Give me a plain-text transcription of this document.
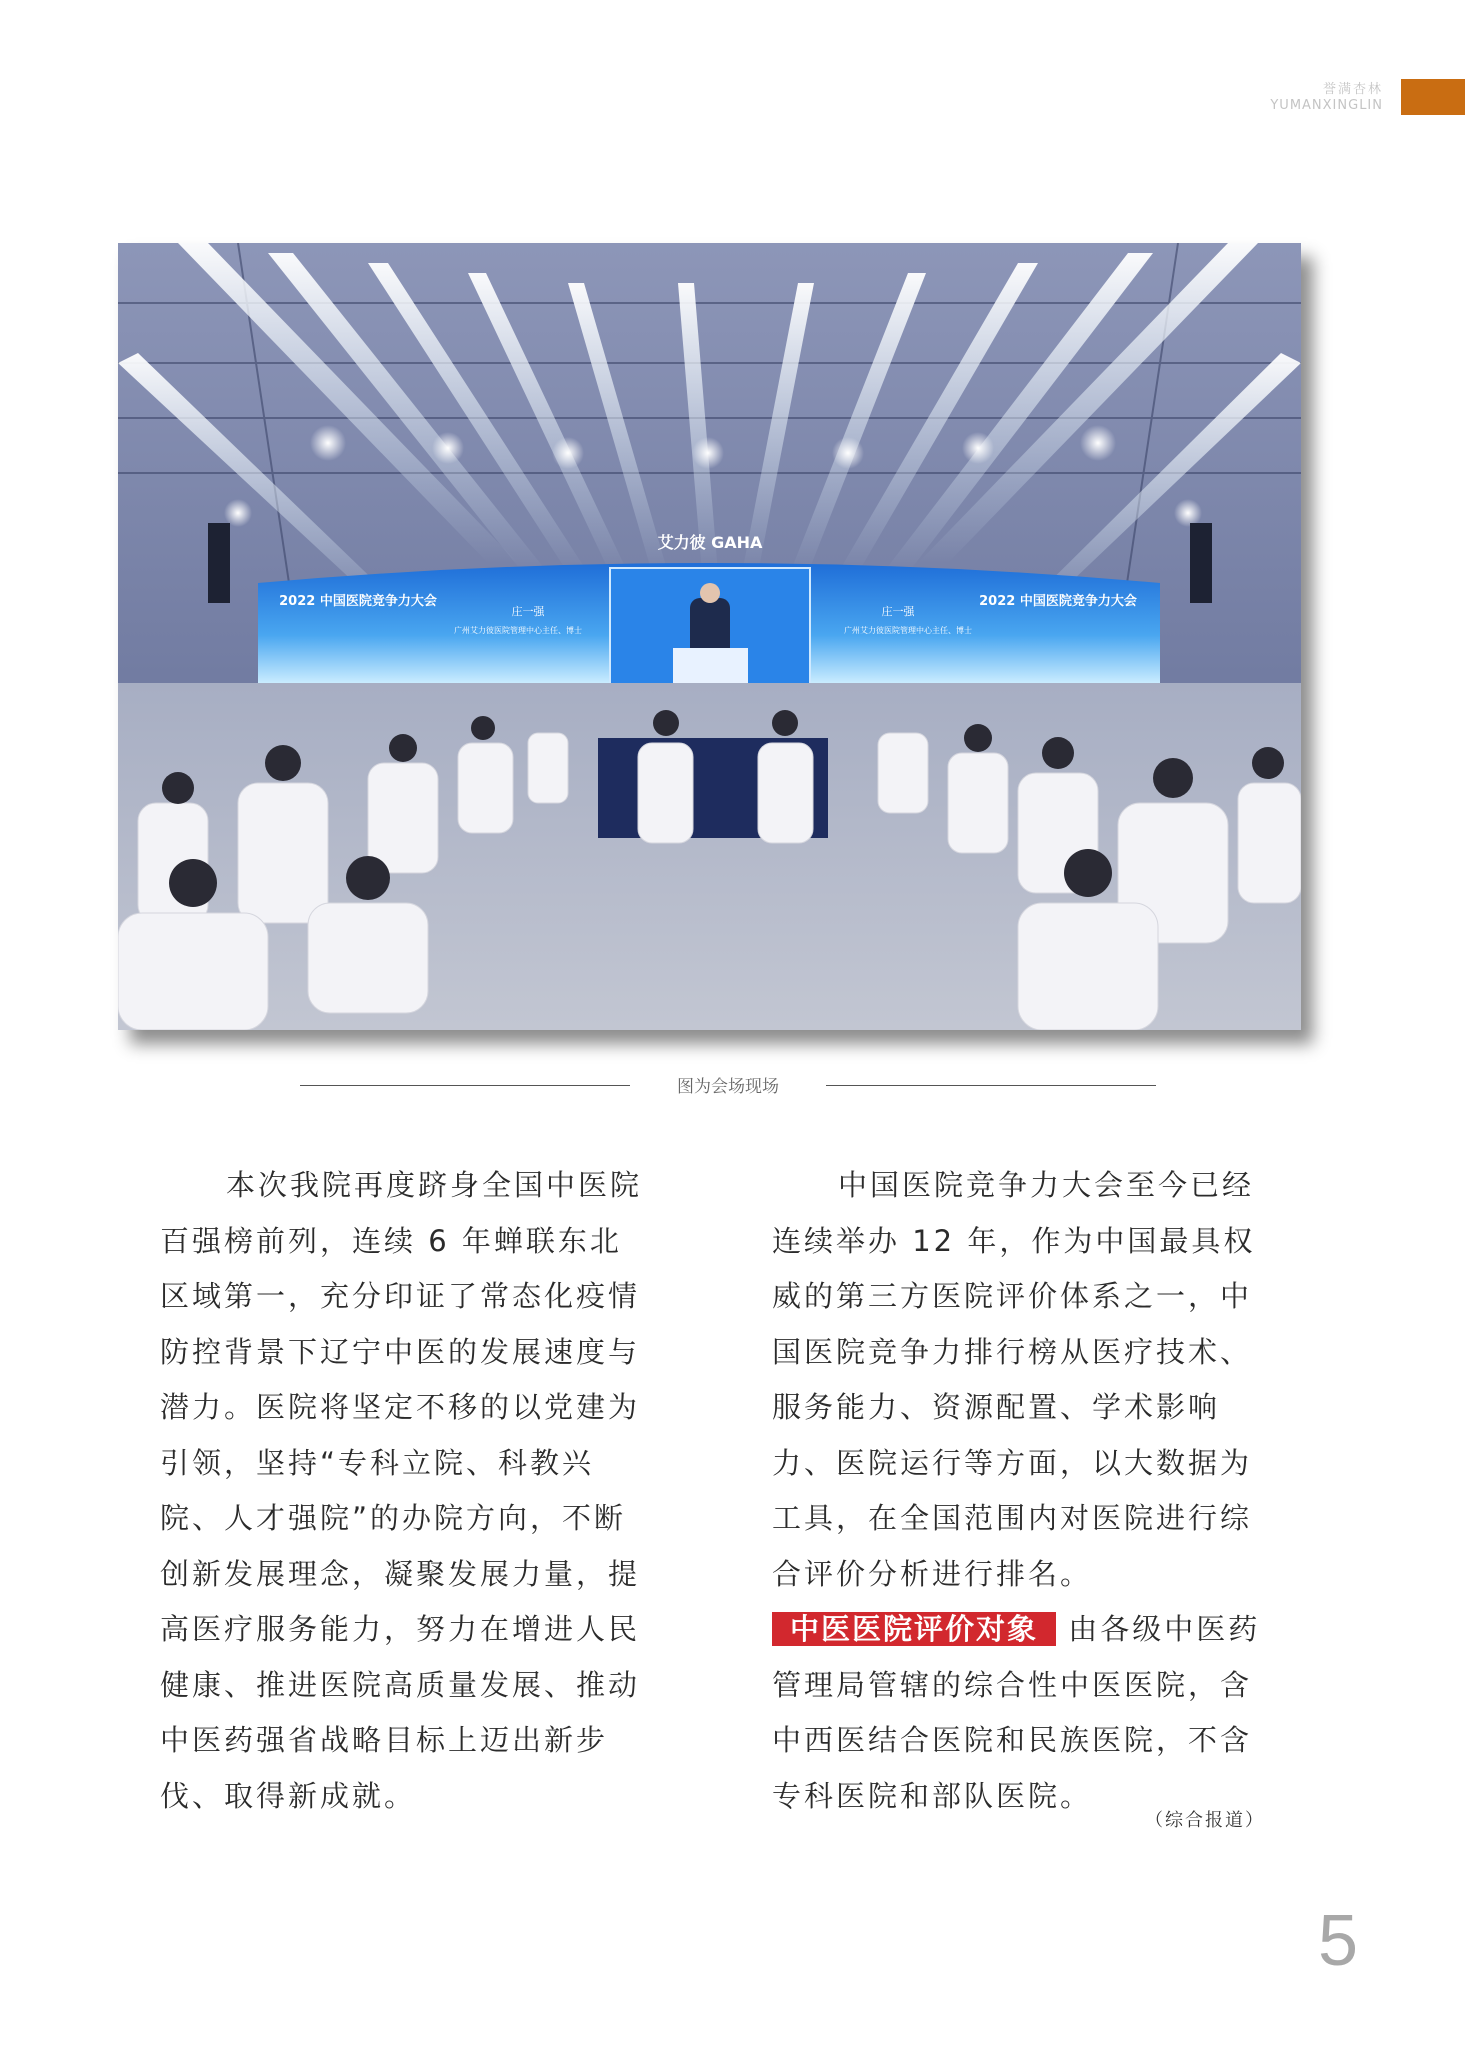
誉满杏林
YUMANXINGLIN
艾力彼 GAHA
2022 中国医院竞争力大会	2022 中国医院竞争力大会
庄一强
广州艾力彼医院管理中心主任、博士
庄一强
广州艾力彼医院管理中心主任、博士
图为会场现场

本次我院再度跻身全国中医院百强榜前列，连续 6 年蝉联东北区域第一，充分印证了常态化疫情防控背景下辽宁中医的发展速度与潜力。医院将坚定不移的以党建为引领，坚持“专科立院、科教兴院、人才强院”的办院方向，不断创新发展理念，凝聚发展力量，提高医疗服务能力，努力在增进人民健康、推进医院高质量发展、推动中医药强省战略目标上迈出新步伐、取得新成就。

中国医院竞争力大会至今已经连续举办 12 年，作为中国最具权威的第三方医院评价体系之一，中国医院竞争力排行榜从医疗技术、服务能力、资源配置、学术影响力、医院运行等方面，以大数据为工具，在全国范围内对医院进行综合评价分析进行排名。

中医医院评价对象 由各级中医药管理局管辖的综合性中医医院，含中西医结合医院和民族医院，不含专科医院和部队医院。

（综合报道）
5
